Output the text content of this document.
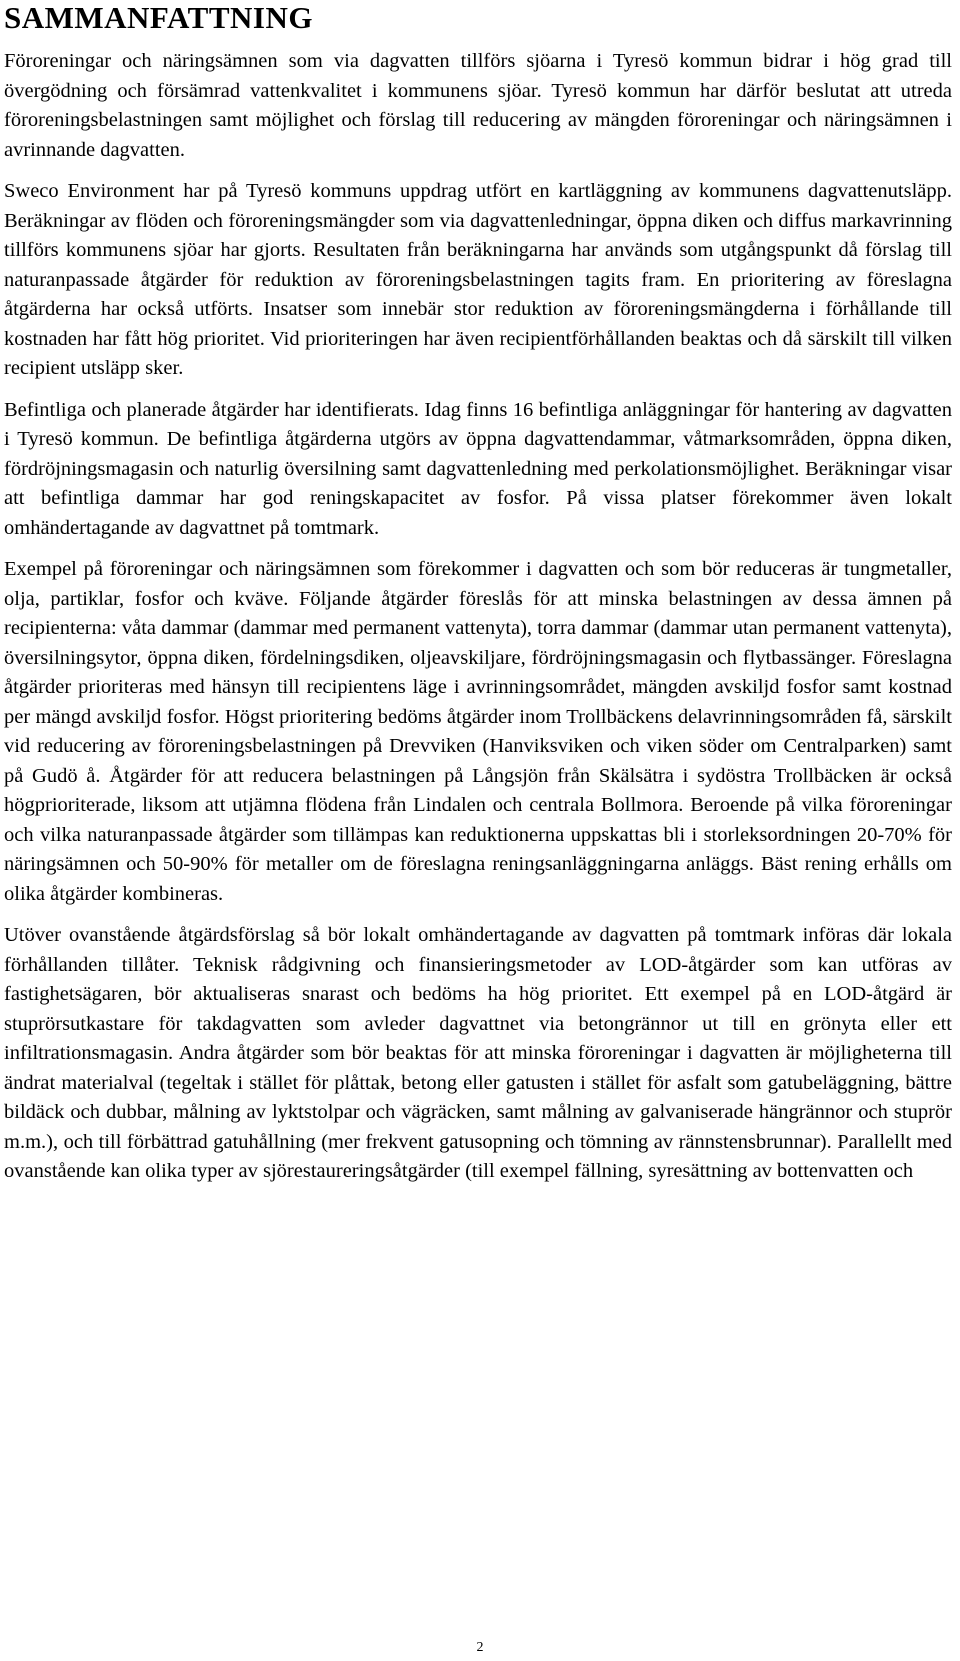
SAMMANFATTNING

Föroreningar och näringsämnen som via dagvatten tillförs sjöarna i Tyresö kommun bidrar i hög grad till övergödning och försämrad vattenkvalitet i kommunens sjöar. Tyresö kommun har därför beslutat att utreda föroreningsbelastningen samt möjlighet och förslag till reducering av mängden föroreningar och näringsämnen i avrinnande dagvatten.

Sweco Environment har på Tyresö kommuns uppdrag utfört en kartläggning av kommunens dagvattenutsläpp. Beräkningar av flöden och föroreningsmängder som via dagvattenledningar, öppna diken och diffus markavrinning tillförs kommunens sjöar har gjorts. Resultaten från beräkningarna har används som utgångspunkt då förslag till naturanpassade åtgärder för reduktion av föroreningsbelastningen tagits fram. En prioritering av föreslagna åtgärderna har också utförts. Insatser som innebär stor reduktion av föroreningsmängderna i förhållande till kostnaden har fått hög prioritet. Vid prioriteringen har även recipientförhållanden beaktas och då särskilt till vilken recipient utsläpp sker.

Befintliga och planerade åtgärder har identifierats. Idag finns 16 befintliga anläggningar för hantering av dagvatten i Tyresö kommun. De befintliga åtgärderna utgörs av öppna dagvattendammar, våtmarksområden, öppna diken, fördröjningsmagasin och naturlig översilning samt dagvattenledning med perkolationsmöjlighet. Beräkningar visar att befintliga dammar har god reningskapacitet av fosfor. På vissa platser förekommer även lokalt omhändertagande av dagvattnet på tomtmark.

Exempel på föroreningar och näringsämnen som förekommer i dagvatten och som bör reduceras är tungmetaller, olja, partiklar, fosfor och kväve. Följande åtgärder föreslås för att minska belastningen av dessa ämnen på recipienterna: våta dammar (dammar med permanent vattenyta), torra dammar (dammar utan permanent vattenyta), översilningsytor, öppna diken, fördelningsdiken, oljeavskiljare, fördröjningsmagasin och flytbassänger. Föreslagna åtgärder prioriteras med hänsyn till recipientens läge i avrinningsområdet, mängden avskiljd fosfor samt kostnad per mängd avskiljd fosfor. Högst prioritering bedöms åtgärder inom Trollbäckens delavrinningsområden få, särskilt vid reducering av föroreningsbelastningen på Drevviken (Hanviksviken och viken söder om Centralparken) samt på Gudö å. Åtgärder för att reducera belastningen på Långsjön från Skälsätra i sydöstra Trollbäcken är också högprioriterade, liksom att utjämna flödena från Lindalen och centrala Bollmora. Beroende på vilka föroreningar och vilka naturanpassade åtgärder som tillämpas kan reduktionerna uppskattas bli i storleksordningen 20-70% för näringsämnen och 50-90% för metaller om de föreslagna reningsanläggningarna anläggs. Bäst rening erhålls om olika åtgärder kombineras.

Utöver ovanstående åtgärdsförslag så bör lokalt omhändertagande av dagvatten på tomtmark införas där lokala förhållanden tillåter. Teknisk rådgivning och finansieringsmetoder av LOD-åtgärder som kan utföras av fastighetsägaren, bör aktualiseras snarast och bedöms ha hög prioritet. Ett exempel på en LOD-åtgärd är stuprörsutkastare för takdagvatten som avleder dagvattnet via betongrännor ut till en grönyta eller ett infiltrationsmagasin. Andra åtgärder som bör beaktas för att minska föroreningar i dagvatten är möjligheterna till ändrat materialval (tegeltak i stället för plåttak, betong eller gatusten i stället för asfalt som gatubeläggning, bättre bildäck och dubbar, målning av lyktstolpar och vägräcken, samt målning av galvaniserade hängrännor och stuprör m.m.), och till förbättrad gatuhållning (mer frekvent gatusopning och tömning av rännstensbrunnar). Parallellt med ovanstående kan olika typer av sjörestaureringsåtgärder (till exempel fällning, syresättning av bottenvatten och

2
